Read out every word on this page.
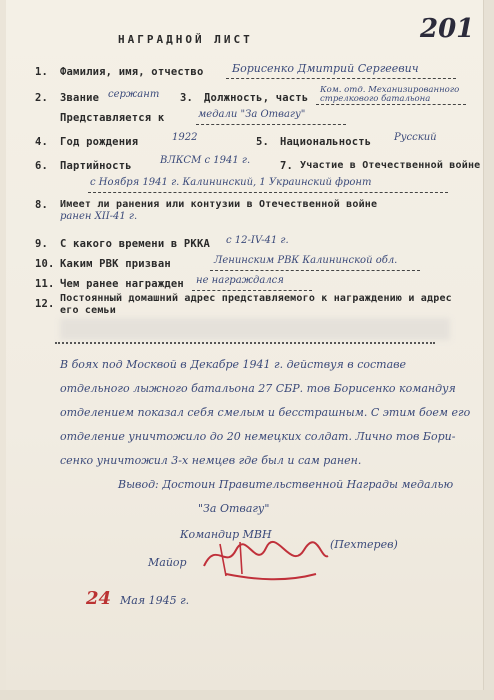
НАГРАДНОЙ ЛИСТ	201
1. Фамилия, имя, отчество	Борисенко Дмитрий Сергеевич
2. Звание сержант 3. Должность, часть
Ком. отд. Механизированного стрелкового батальона
Представляется к	медали "За Отвагу"
4. Год рождения	1922	5. Национальность Русский
6. Партийность	ВЛКСМ с 1941 г.	7. Участие в Отечественной войне
с Ноября 1941 г. Калининский, 1 Украинский фронт
8. Имеет ли ранения или контузии в Отечественной войне
ранен XII-41 г.
9. С какого времени в РККА с 12-IV-41 г.
10. Каким РВК призван	Ленинским РВК Калининской обл.
11. Чем ранее награжден не награждался
12. Постоянный домашний адрес представляемого к награждению и адрес его семьи
В боях под Москвой в Декабре 1941 г. действуя в составе
отдельного лыжного батальона 27 СБР. тов Борисенко командуя
отделением показал себя смелым и бесстрашным. С этим боем его
отделение уничтожило до 20 немецких солдат. Лично тов Бори-
сенко уничтожил 3-х немцев где был и сам ранен.
Вывод: Достоин Правительственной Награды медалью
"За Отвагу"
Командир МВН
Майор
(Пехтерев)
24 Мая 1945 г.
